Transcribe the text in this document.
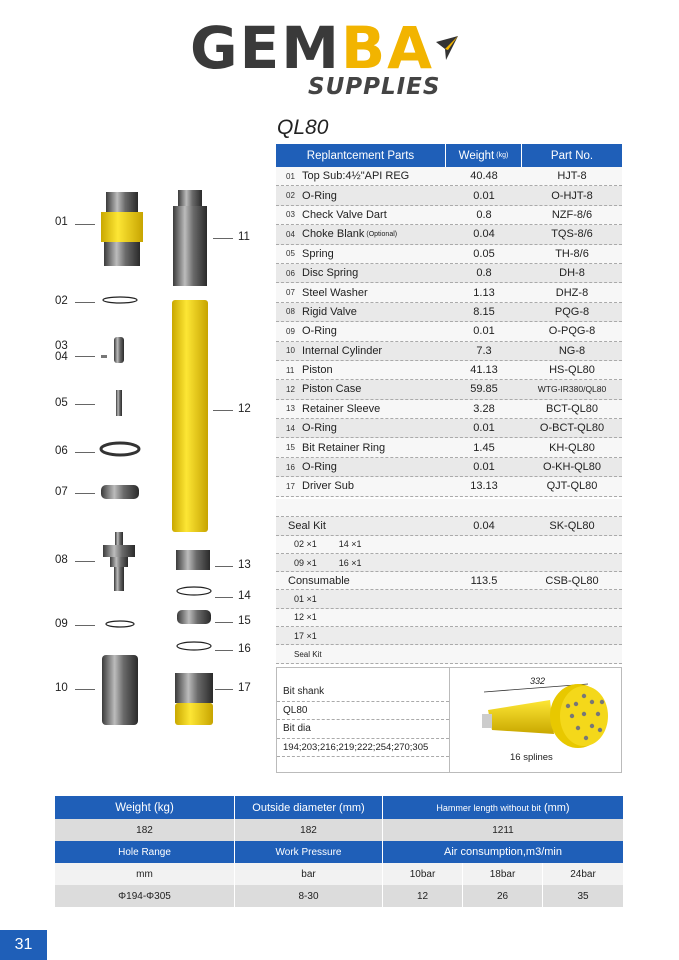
GEMBA
SUPPLIES
QL80
01
11
02
03
04
05	12
06
07
08	13
14
09	15
16
10	17
Replantcement Parts	Weight (kg)	Part No.
01 Top Sub:4½"API REG	40.48	HJT-8
02 O-Ring	0.01	O-HJT-8
03 Check Valve Dart	0.8	NZF-8/6
04 Choke Blank (Optional)	0.04	TQS-8/6
05 Spring	0.05	TH-8/6
06 Disc Spring	0.8	DH-8
07 Steel Washer	1.13	DHZ-8
08 Rigid Valve	8.15	PQG-8
09 O-Ring	0.01	O-PQG-8
10 Internal Cylinder	7.3	NG-8
11 Piston	41.13	HS-QL80
12 Piston Case	59.85	WTG-IR380/QL80
13 Retainer Sleeve	3.28	BCT-QL80
14 O-Ring	0.01	O-BCT-QL80
15 Bit Retainer Ring	1.45	KH-QL80
16 O-Ring	0.01	O-KH-QL80
17 Driver Sub	13.13	QJT-QL80
Seal Kit	0.04	SK-QL80
02 ×1 14 ×1
09 ×1 16 ×1
Consumable	113.5	CSB-QL80
01 ×1
12 ×1
17 ×1
Seal Kit
Bit shank
QL80
Bit dia
194;203;216;219;222;254;270;305
332
16 splines
Weight (kg)	Outside diameter (mm)	Hammer length without bit (mm)
182	182	1211
Hole Range	Work Pressure	Air consumption,m3/min
mm	bar	10bar	18bar	24bar
Φ194-Φ305	8-30	12	26	35
31
